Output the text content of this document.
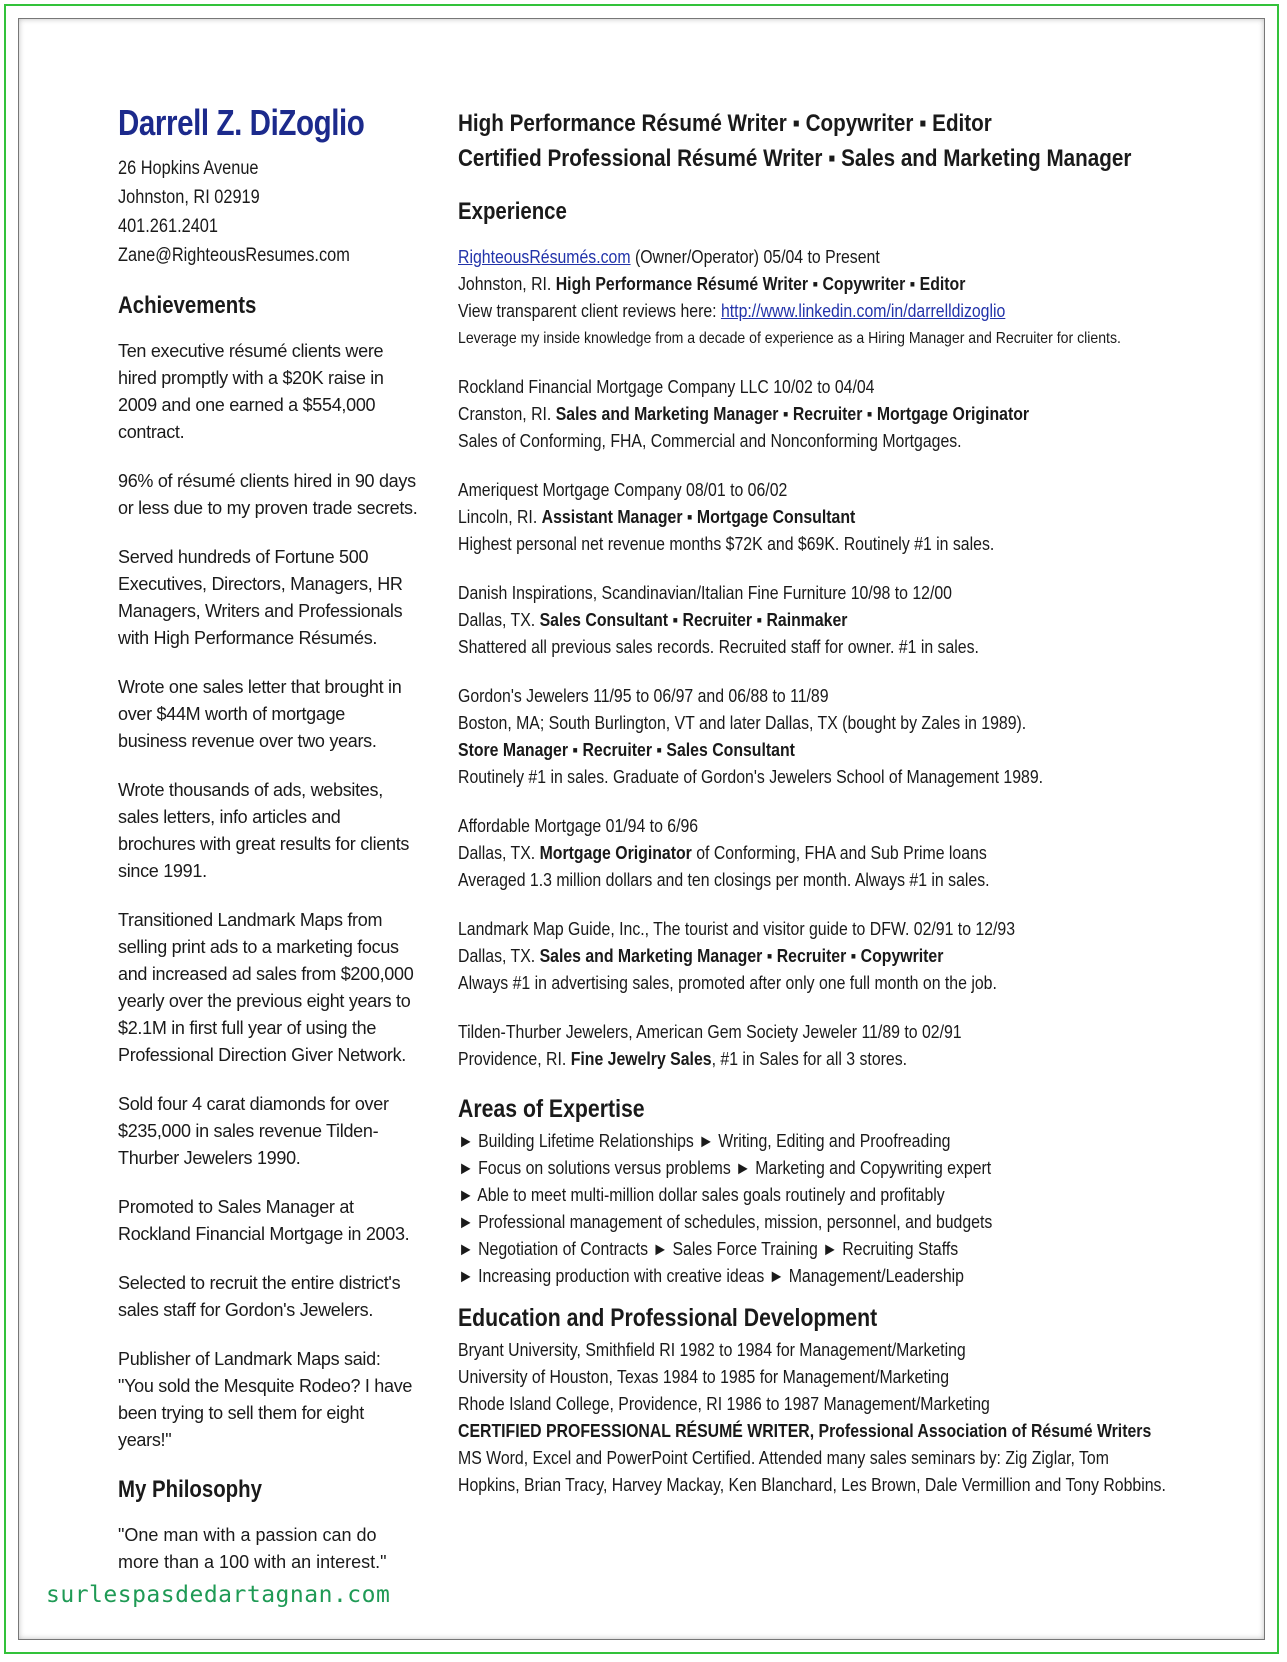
Darrell Z. DiZoglio
26 Hopkins Avenue
Johnston, RI 02919
401.261.2401
Zane@RighteousResumes.com
Achievements

Ten executive résumé clients were hired promptly with a $20K raise in 2009 and one earned a $554,000 contract.

96% of résumé clients hired in 90 days or less due to my proven trade secrets.

Served hundreds of Fortune 500 Executives, Directors, Managers, HR Managers, Writers and Professionals with High Performance Résumés.

Wrote one sales letter that brought in over $44M worth of mortgage business revenue over two years.

Wrote thousands of ads, websites, sales letters, info articles and brochures with great results for clients since 1991.

Transitioned Landmark Maps from selling print ads to a marketing focus and increased ad sales from $200,000 yearly over the previous eight years to $2.1M in first full year of using the Professional Direction Giver Network.

Sold four 4 carat diamonds for over $235,000 in sales revenue Tilden-Thurber Jewelers 1990.

Promoted to Sales Manager at Rockland Financial Mortgage in 2003.

Selected to recruit the entire district's sales staff for Gordon's Jewelers.

Publisher of Landmark Maps said: "You sold the Mesquite Rodeo? I have been trying to sell them for eight years!"

My Philosophy

"One man with a passion can do more than a 100 with an interest."

High Performance Résumé Writer ▪ Copywriter ▪ Editor
Certified Professional Résumé Writer ▪ Sales and Marketing Manager
Experience
RighteousRésumés.com (Owner/Operator) 05/04 to Present
Johnston, RI. High Performance Résumé Writer ▪ Copywriter ▪ Editor
View transparent client reviews here: http://www.linkedin.com/in/darrelldizoglio
Leverage my inside knowledge from a decade of experience as a Hiring Manager and Recruiter for clients.
Rockland Financial Mortgage Company LLC 10/02 to 04/04
Cranston, RI. Sales and Marketing Manager ▪ Recruiter ▪ Mortgage Originator
Sales of Conforming, FHA, Commercial and Nonconforming Mortgages.
Ameriquest Mortgage Company 08/01 to 06/02
Lincoln, RI. Assistant Manager ▪ Mortgage Consultant
Highest personal net revenue months $72K and $69K. Routinely #1 in sales.
Danish Inspirations, Scandinavian/Italian Fine Furniture 10/98 to 12/00
Dallas, TX. Sales Consultant ▪ Recruiter ▪ Rainmaker
Shattered all previous sales records. Recruited staff for owner. #1 in sales.
Gordon's Jewelers 11/95 to 06/97 and 06/88 to 11/89
Boston, MA; South Burlington, VT and later Dallas, TX (bought by Zales in 1989).
Store Manager ▪ Recruiter ▪ Sales Consultant
Routinely #1 in sales. Graduate of Gordon's Jewelers School of Management 1989.
Affordable Mortgage 01/94 to 6/96
Dallas, TX. Mortgage Originator of Conforming, FHA and Sub Prime loans
Averaged 1.3 million dollars and ten closings per month. Always #1 in sales.
Landmark Map Guide, Inc., The tourist and visitor guide to DFW. 02/91 to 12/93
Dallas, TX. Sales and Marketing Manager ▪ Recruiter ▪ Copywriter
Always #1 in advertising sales, promoted after only one full month on the job.
Tilden-Thurber Jewelers, American Gem Society Jeweler 11/89 to 02/91
Providence, RI. Fine Jewelry Sales, #1 in Sales for all 3 stores.
Areas of Expertise
► Building Lifetime Relationships ► Writing, Editing and Proofreading
► Focus on solutions versus problems ► Marketing and Copywriting expert
► Able to meet multi-million dollar sales goals routinely and profitably
► Professional management of schedules, mission, personnel, and budgets
► Negotiation of Contracts ► Sales Force Training ► Recruiting Staffs
► Increasing production with creative ideas ► Management/Leadership
Education and Professional Development
Bryant University, Smithfield RI 1982 to 1984 for Management/Marketing
University of Houston, Texas 1984 to 1985 for Management/Marketing
Rhode Island College, Providence, RI 1986 to 1987 Management/Marketing
CERTIFIED PROFESSIONAL RÉSUMÉ WRITER, Professional Association of Résumé Writers
MS Word, Excel and PowerPoint Certified. Attended many sales seminars by: Zig Ziglar, Tom
Hopkins, Brian Tracy, Harvey Mackay, Ken Blanchard, Les Brown, Dale Vermillion and Tony Robbins.
surlespasdedartagnan.com
